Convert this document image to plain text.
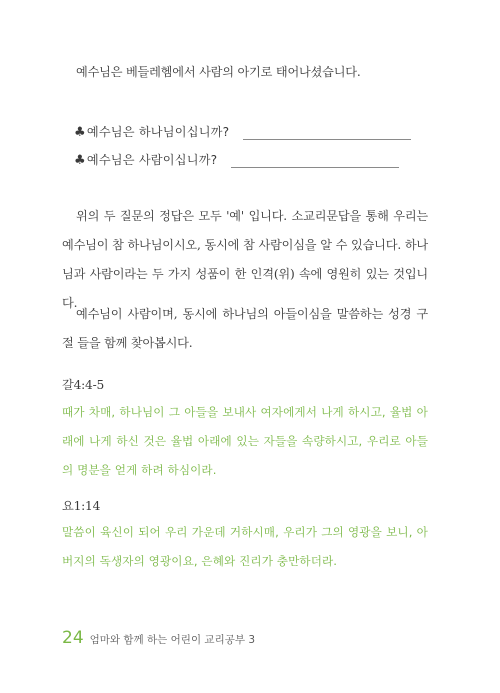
예수님은 베들레헴에서 사람의 아기로 태어나셨습니다.

♣ 예수님은 하나님이십니까?
♣ 예수님은 사람이십니까?

위의 두 질문의 정답은 모두 '예' 입니다. 소교리문답을 통해 우리는 예수님이 참 하나님이시오, 동시에 참 사람이심을 알 수 있습니다. 하나님과 사람이라는 두 가지 성품이 한 인격(위) 속에 영원히 있는 것입니다.

예수님이 사람이며, 동시에 하나님의 아들이심을 말씀하는 성경 구절 들을 함께 찾아봅시다.

갈4:4-5

때가 차매, 하나님이 그 아들을 보내사 여자에게서 나게 하시고, 율법 아래에 나게 하신 것은 율법 아래에 있는 자들을 속량하시고, 우리로 아들의 명분을 얻게 하려 하심이라.

요1:14

말씀이 육신이 되어 우리 가운데 거하시매, 우리가 그의 영광을 보니, 아버지의 독생자의 영광이요, 은혜와 진리가 충만하더라.

24 엄마와 함께 하는 어린이 교리공부 3
